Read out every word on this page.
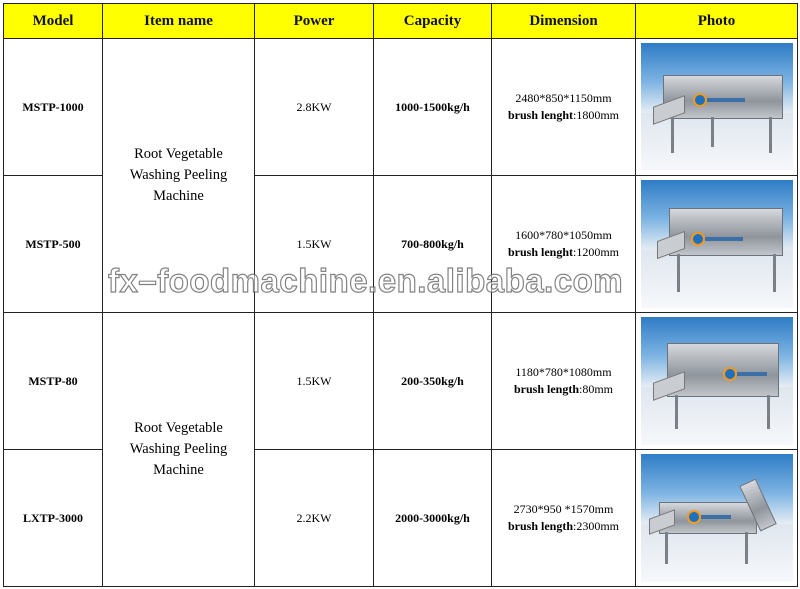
Model	Item name	Power	Capacity	Dimension	Photo
MSTP-1000	Root Vegetable Washing Peeling Machine	2.8KW	1000-1500kg/h	2480*850*1150mm
brush lenght:1800mm	

MSTP-500		1.5KW	700-800kg/h	1600*780*1050mm
brush lenght:1200mm	

MSTP-80	Root Vegetable Washing Peeling Machine	1.5KW	200-350kg/h	1180*780*1080mm
brush length:80mm	

LXTP-3000		2.2KW	2000-3000kg/h	2730*950 *1570mm
brush length:2300mm	
fx–foodmachine.en.alibaba.com
